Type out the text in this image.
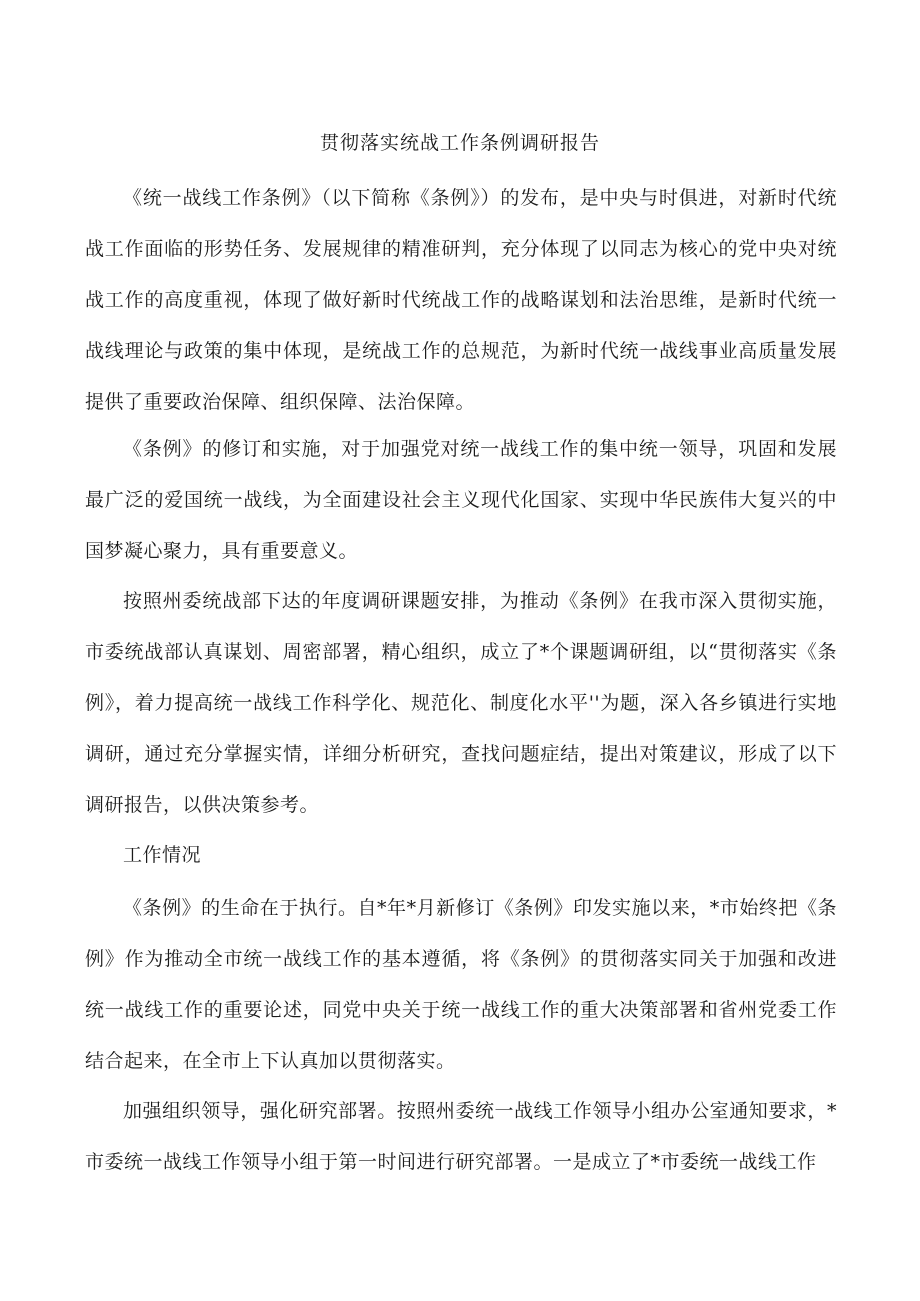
贯彻落实统战工作条例调研报告

《统一战线工作条例》（以下简称《条例》）的发布，是中央与时俱进，对新时代统战工作面临的形势任务、发展规律的精准研判，充分体现了以同志为核心的党中央对统战工作的高度重视，体现了做好新时代统战工作的战略谋划和法治思维，是新时代统一战线理论与政策的集中体现，是统战工作的总规范，为新时代统一战线事业高质量发展提供了重要政治保障、组织保障、法治保障。

《条例》的修订和实施，对于加强党对统一战线工作的集中统一领导，巩固和发展最广泛的爱国统一战线，为全面建设社会主义现代化国家、实现中华民族伟大复兴的中国梦凝心聚力，具有重要意义。

按照州委统战部下达的年度调研课题安排，为推动《条例》在我市深入贯彻实施，市委统战部认真谋划、周密部署，精心组织，成立了*个课题调研组，以“贯彻落实《条例》，着力提高统一战线工作科学化、规范化、制度化水平''为题，深入各乡镇进行实地调研，通过充分掌握实情，详细分析研究，查找问题症结，提出对策建议，形成了以下调研报告，以供决策参考。

工作情况

《条例》的生命在于执行。自*年*月新修订《条例》印发实施以来，*市始终把《条例》作为推动全市统一战线工作的基本遵循，将《条例》的贯彻落实同关于加强和改进统一战线工作的重要论述，同党中央关于统一战线工作的重大决策部署和省州党委工作结合起来，在全市上下认真加以贯彻落实。

加强组织领导，强化研究部署。按照州委统一战线工作领导小组办公室通知要求，*市委统一战线工作领导小组于第一时间进行研究部署。一是成立了*市委统一战线工作
